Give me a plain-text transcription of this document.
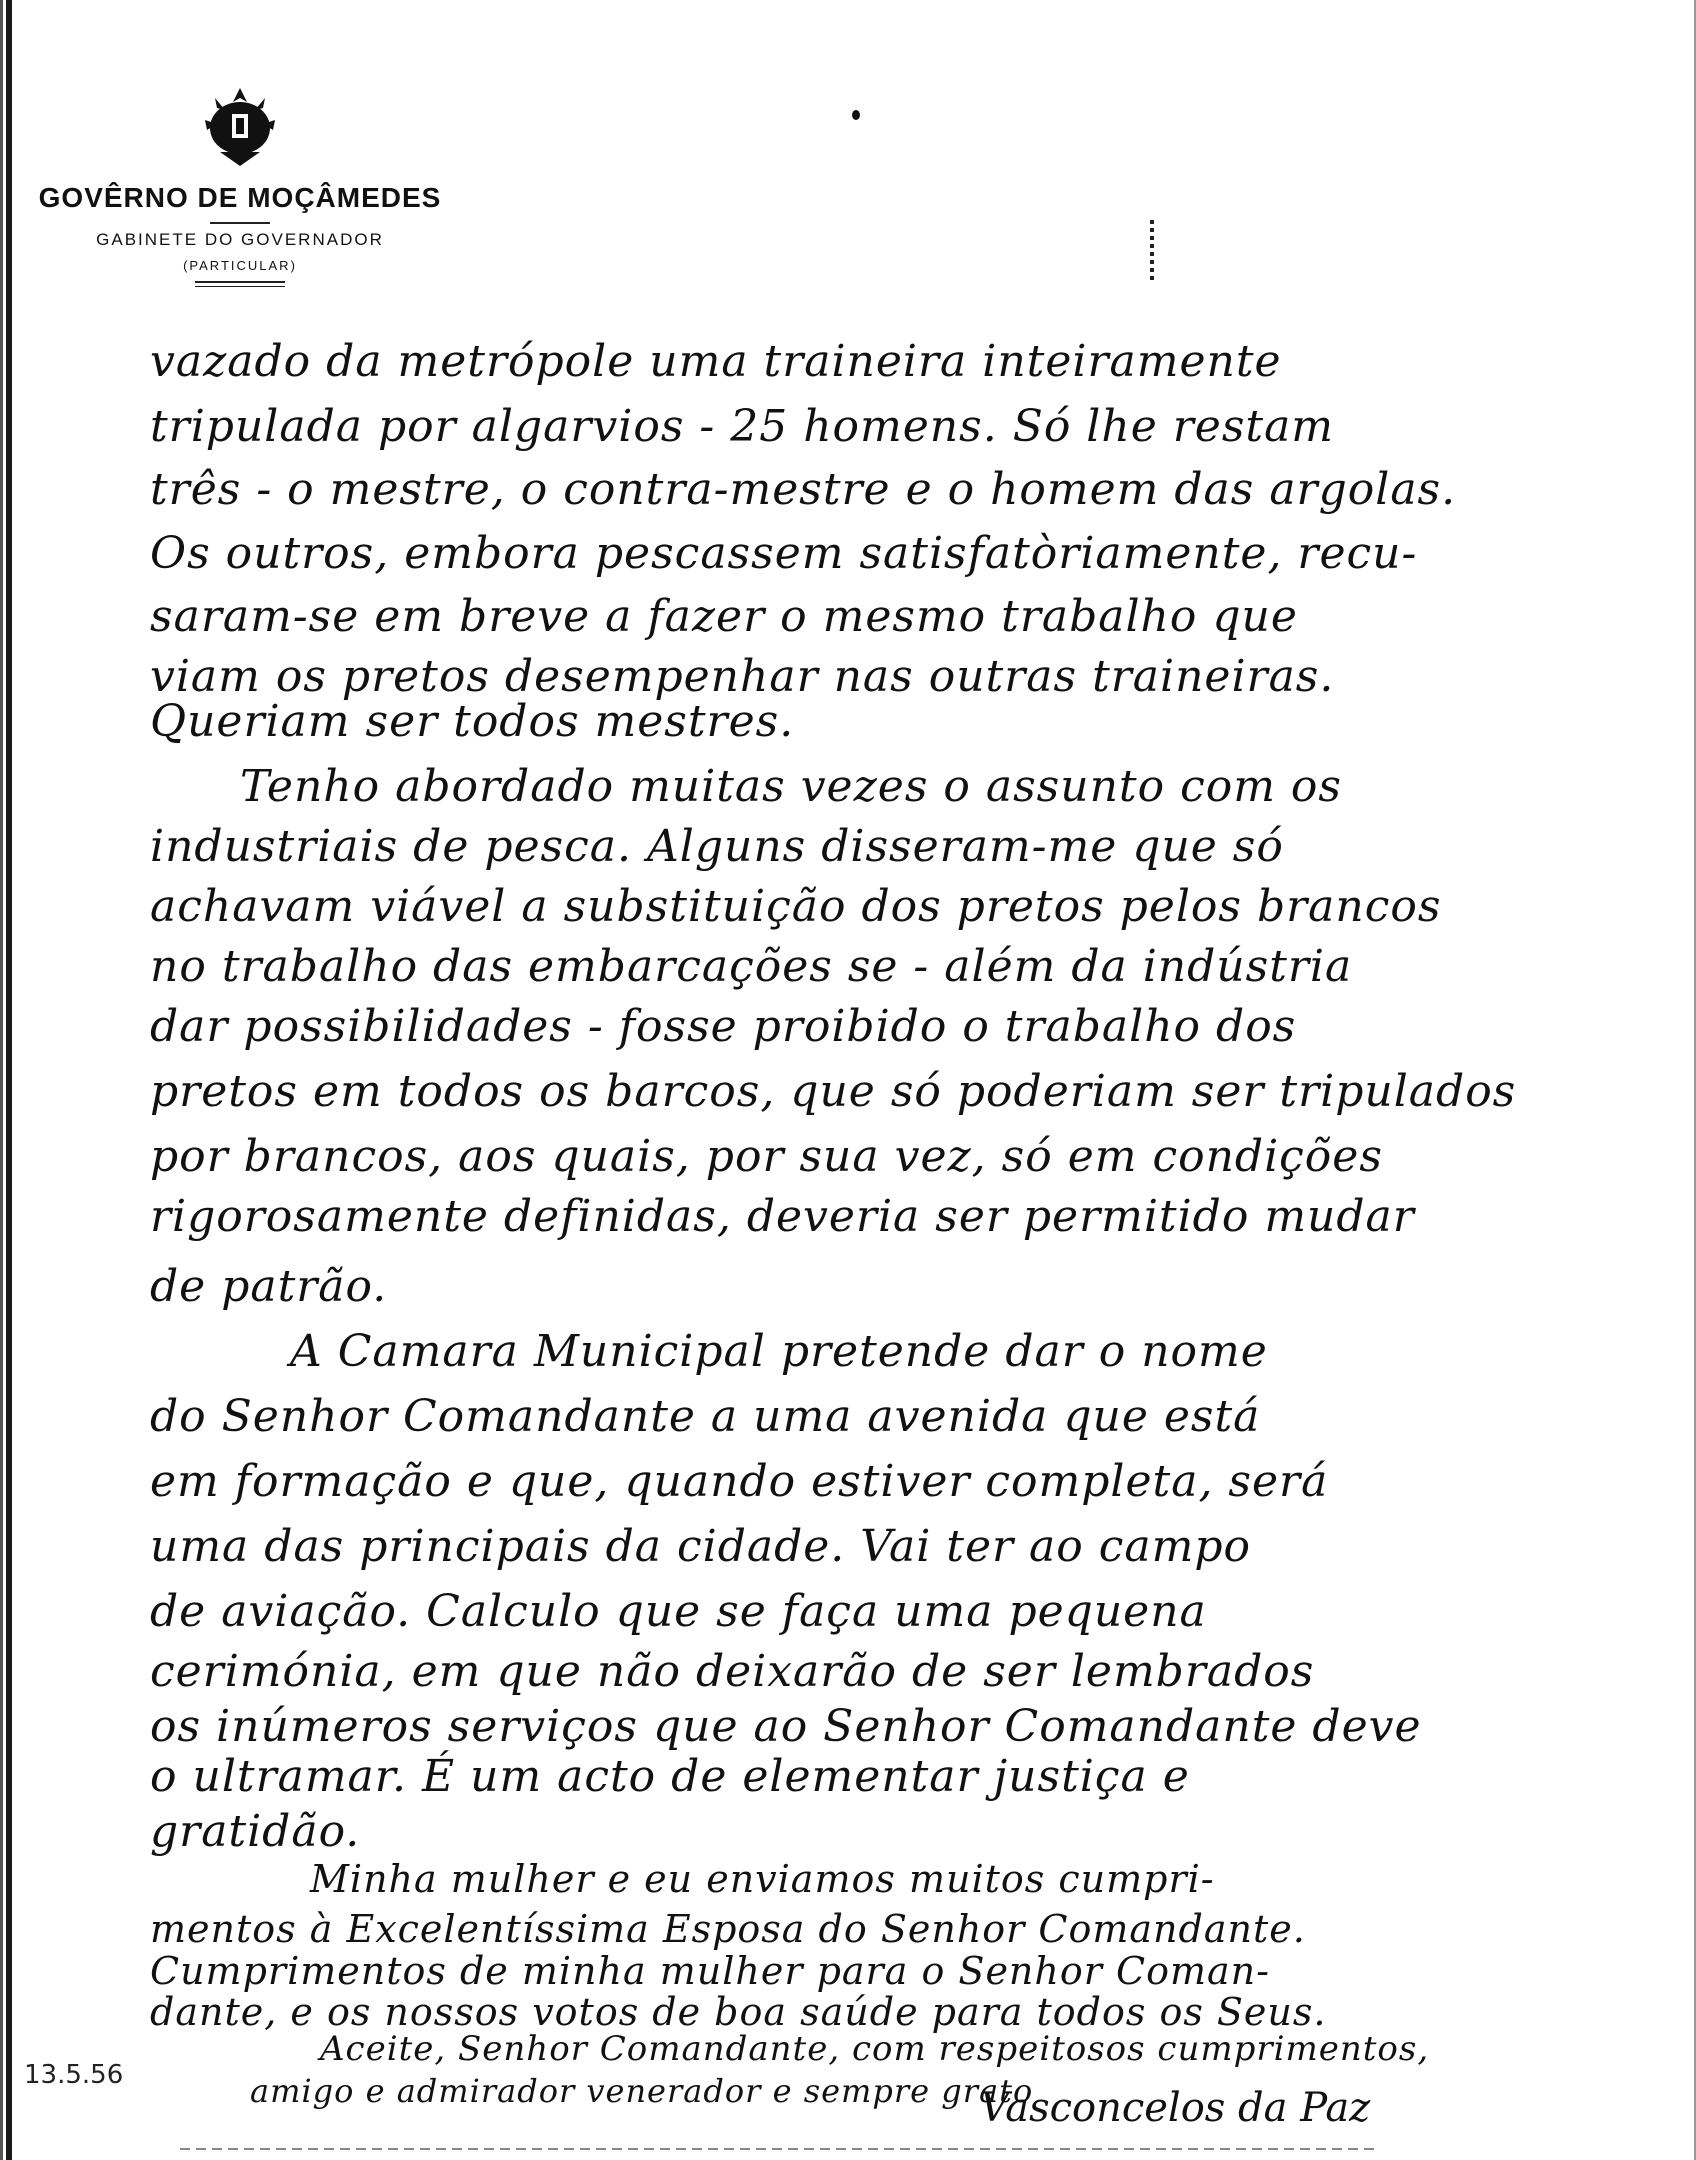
GOVÊRNO DE MOÇÂMEDES
GABINETE DO GOVERNADOR
(PARTICULAR)
vazado da metrópole uma traineira inteiramente
tripulada por algarvios - 25 homens. Só lhe restam
três - o mestre, o contra-mestre e o homem das argolas.
Os outros, embora pescassem satisfatòriamente, recu-
saram-se em breve a fazer o mesmo trabalho que
viam os pretos desempenhar nas outras traineiras.
Queriam ser todos mestres.
Tenho abordado muitas vezes o assunto com os
industriais de pesca. Alguns disseram-me que só
achavam viável a substituição dos pretos pelos brancos
no trabalho das embarcações se - além da indústria
dar possibilidades - fosse proibido o trabalho dos
pretos em todos os barcos, que só poderiam ser tripulados
por brancos, aos quais, por sua vez, só em condições
rigorosamente definidas, deveria ser permitido mudar
de patrão.
A Camara Municipal pretende dar o nome
do Senhor Comandante a uma avenida que está
em formação e que, quando estiver completa, será
uma das principais da cidade. Vai ter ao campo
de aviação. Calculo que se faça uma pequena
cerimónia, em que não deixarão de ser lembrados
os inúmeros serviços que ao Senhor Comandante deve
o ultramar. É um acto de elementar justiça e
gratidão.
Minha mulher e eu enviamos muitos cumpri-
mentos à Excelentíssima Esposa do Senhor Comandante.
Cumprimentos de minha mulher para o Senhor Coman-
dante, e os nossos votos de boa saúde para todos os Seus.
Aceite, Senhor Comandante, com respeitosos cumprimentos,
amigo e admirador venerador e sempre grato
13.5.56
Vasconcelos da Paz
